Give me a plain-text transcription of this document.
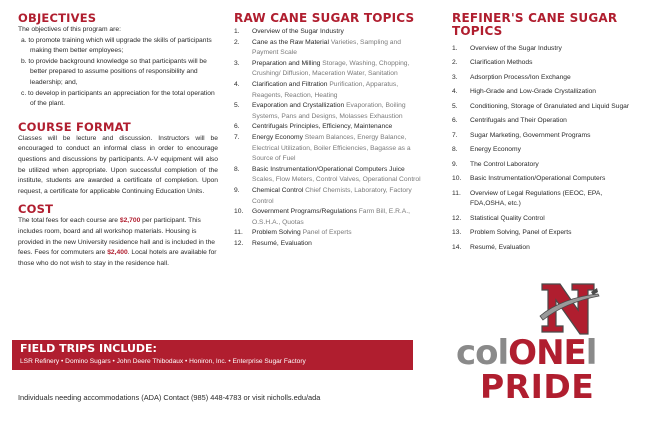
OBJECTIVES

The objectives of this program are:

a. to promote training which will upgrade the skills of participants making them better employees;
b. to provide background knowledge so that participants will be better prepared to assume positions of responsibility and leadership; and,
c. to develop in participants an appreciation for the total operation of the plant.
COURSE FORMAT

Classes will be lecture and discussion. Instructors will be encouraged to conduct an informal class in order to encourage questions and discussions by participants. A-V equipment will also be utilized when appropriate. Upon successful completion of the institute, students are awarded a certificate of completion. Upon request, a certificate for applicable Continuing Education Units.

COST

The total fees for each course are $2,700 per participant. This includes room, board and all workshop materials. Housing is provided in the new University residence hall and is included in the fees. Fees for commuters are $2,400. Local hotels are available for those who do not wish to stay in the residence hall.

RAW CANE SUGAR TOPICS
1. Overview of the Sugar Industry
2. Cane as the Raw Material Varieties, Sampling and Payment Scale
3. Preparation and Milling Storage, Washing, Chopping, Crushing/ Diffusion, Maceration Water, Sanitation
4. Clarification and Filtration Purification, Apparatus, Reagents, Reaction, Heating
5. Evaporation and Crystallization Evaporation, Boiling Systems, Pans and Designs, Molasses Exhaustion
6. Centrifugals Principles, Efficiency, Maintenance
7. Energy Economy Steam Balances, Energy Balance, Electrical Utilization, Boiler Efficiencies, Bagasse as a Source of Fuel
8. Basic Instrumentation/Operational Computers Juice Scales, Flow Meters, Control Valves, Operational Control
9. Chemical Control Chief Chemists, Laboratory, Factory Control
10. Government Programs/Regulations Farm Bill, E.R.A., O.S.H.A., Quotas
11. Problem Solving Panel of Experts
12. Resumé, Evaluation
REFINER'S CANE SUGAR TOPICS
1. Overview of the Sugar Industry
2. Clarification Methods
3. Adsorption Process/Ion Exchange
4. High-Grade and Low-Grade Crystallization
5. Conditioning, Storage of Granulated and Liquid Sugar
6. Centrifugals and Their Operation
7. Sugar Marketing, Government Programs
8. Energy Economy
9. The Control Laboratory
10. Basic Instrumentation/Operational Computers
11. Overview of Legal Regulations (EEOC, EPA, FDA,OSHA, etc.)
12. Statistical Quality Control
13. Problem Solving, Panel of Experts
14. Resumé, Evaluation
FIELD TRIPS INCLUDE:
LSR Refinery • Domino Sugars • John Deere Thibodaux • Honiron, Inc. • Enterprise Sugar Factory
Individuals needing accommodations (ADA) Contact (985) 448-4783 or visit nicholls.edu/ada
colONEl
PRIDE
